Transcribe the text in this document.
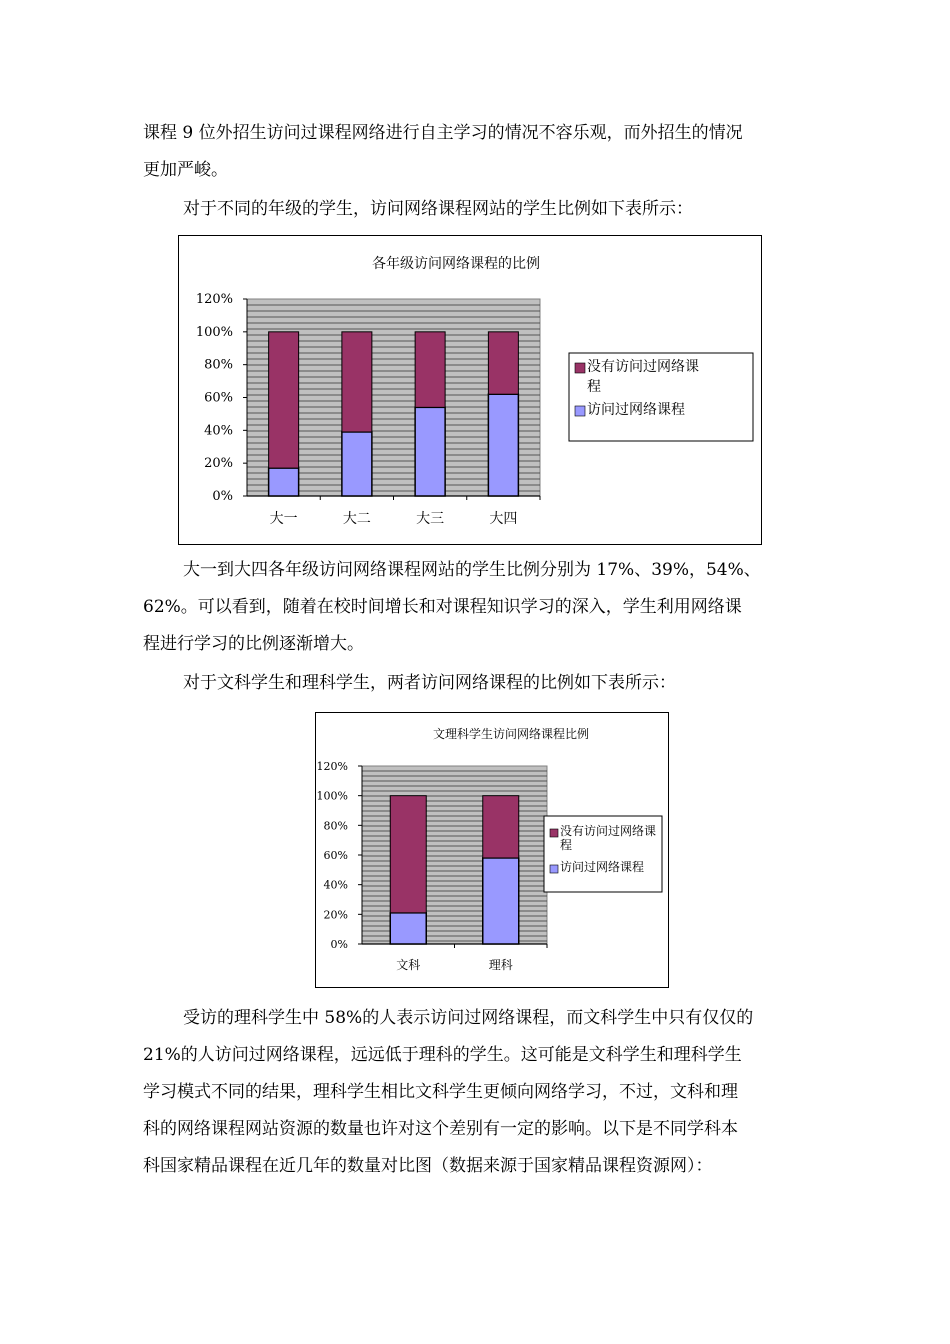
课程 9 位外招生访问过课程网络进行自主学习的情况不容乐观，而外招生的情况

更加严峻。

对于不同的年级的学生，访问网络课程网站的学生比例如下表所示：

各年级访问网络课程的比例
0%
20%
40%
60%
80%
100%
120%
大一	大二	大三	大四
没有访问过网络课
程
访问过网络课程

大一到大四各年级访问网络课程网站的学生比例分别为 17%、39%，54%、

62%。可以看到，随着在校时间增长和对课程知识学习的深入，学生利用网络课

程进行学习的比例逐渐增大。

对于文科学生和理科学生，两者访问网络课程的比例如下表所示：

文理科学生访问网络课程比例
0%
20%
40%
60%
80%
100%
120%
文科	理科
没有访问过网络课
程
访问过网络课程

受访的理科学生中 58%的人表示访问过网络课程，而文科学生中只有仅仅的

21%的人访问过网络课程，远远低于理科的学生。这可能是文科学生和理科学生

学习模式不同的结果，理科学生相比文科学生更倾向网络学习，不过，文科和理

科的网络课程网站资源的数量也许对这个差别有一定的影响。以下是不同学科本

科国家精品课程在近几年的数量对比图（数据来源于国家精品课程资源网）：
